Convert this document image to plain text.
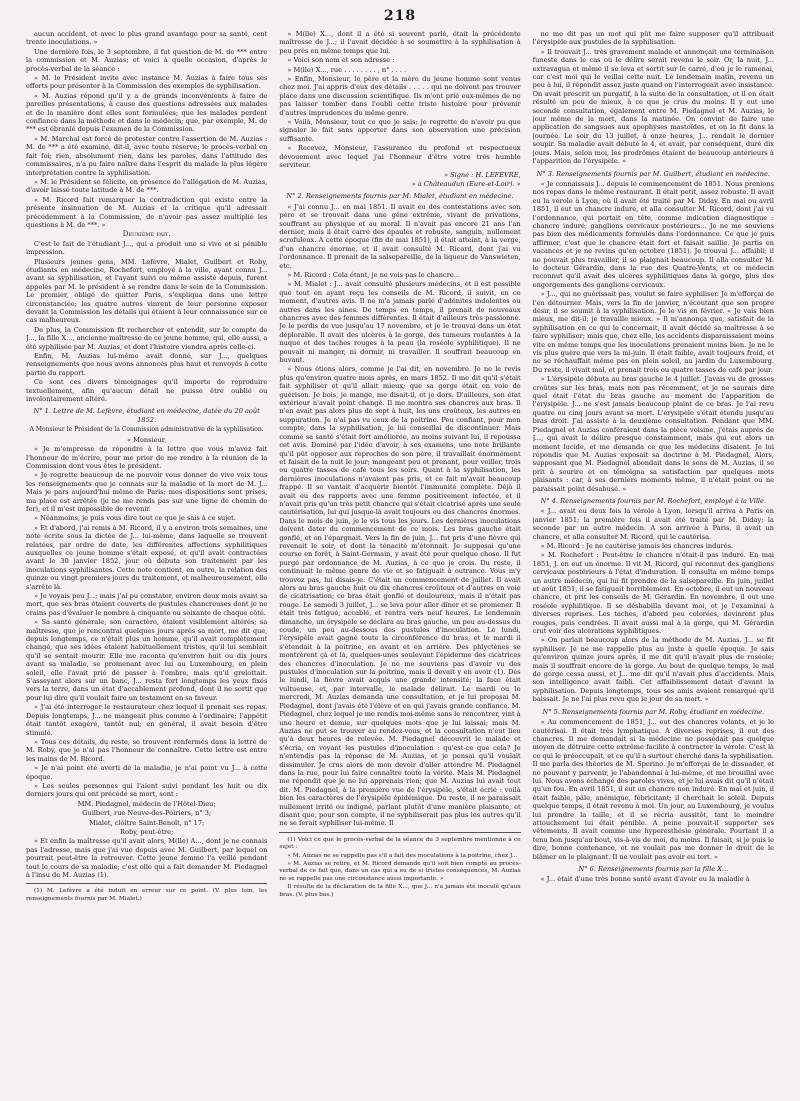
218

aucun accident, et avec le plus grand avantage pour sa santé, cent trente inoculations. »

Une dernière fois, le 3 septembre, il fut question de M. de *** entre la commission et M. Auzias; et voici à quelle occasion, d'après le procès-verbal de la séance :

« M. le Président invite avec instance M. Auzias à faire tous ses efforts pour présenter à la Commission des exemples de syphilisation.

« M. Auzias répond qu'il y a de grands inconvénients à faire de pareilles présentations, à cause des questions adressées aux malades et de la manière dont elles sont formulées; que les malades perdent confiance dans la méthode et dans le médecin; que, par exemple, M. de *** est ébranlé depuis l'examen de la Commission.

« M. Marchal est forcé de protester contre l'assertion de M. Auzias : M. de *** a été examiné, dit-il, avec toute réserve; le procès-verbal en fait foi; rien, absolument rien, dans les paroles, dans l'attitude des commissaires, n'a pu faire naître dans l'esprit du malade la plus légère interprétation contre la syphilisation.

« M. le Président se félicite, en présence de l'allégation de M. Auzias, d'avoir laissé toute latitude à M. de ***.

« M. Ricord fait remarquer la contradiction qui existe entre la présente insinuation de M. Auzias et la critique qu'il adressait précédemment à la Commission, de n'avoir pas assez multiplié les questions à M. de ***. »

Deuxième fait.

C'est le fait de l'étudiant J..., qui a produit une si vive et si pénible impression.

Plusieurs jeunes gens, MM. Lefèvre, Mialet, Guilbert et Roby, étudiants en médecine, Rochefort, employé à la ville, ayant connu J... avant sa syphilisation, et l'ayant suivi ou même assisté depuis, furent appelés par M. le président à se rendre dans le sein de la Commission. Le premier, obligé de quitter Paris, s'expliqua dans une lettre circonstanciée; les quatre autres vinrent de leur personne exposer devant la Commission les détails qui étaient à leur connaissance sur ce cas malheureux.

De plus, la Commission fit rechercher et entendit, sur le compte de J..., la fille X..., ancienne maîtresse de ce jeune homme, qui, elle aussi, a été syphilisée par M. Auzias, et dont l'histoire viendra après celle-ci.

Enfin, M. Auzias lui-même avait donné, sur J..., quelques renseignements que nous avons annoncés plus haut et renvoyés à cette partie du rapport.

Ce sont ces divers témoignages qu'il importe de reproduire textuellement, afin qu'aucun détail ne puisse être oublié ou involontairement altéré.

N° 1. Lettre de M. Lefèvre, étudiant en médecine, datée du 20 août 1852.

A Monsieur le Président de la Commission administrative de la syphilisation.

« Monsieur,

» Je m'empresse de répondre à la lettre que vous m'avez fait l'honneur de m'écrire, pour me prier de me rendre à la réunion de la Commission dont vous êtes le président.

» Je regrette beaucoup de ne pouvoir vous donner de vive voix tous les renseignements que je connais sur la maladie et la mort de M. J... Mais je pars aujourd'hui même de Paris; mes dispositions sont prises, ma place est arrêtée (je ne me rends pas sur une ligne de chemin de fer), et il m'est impossible de revenir.

» Néanmoins, je puis vous dire tout ce que je sais à ce sujet.

» Et d'abord, j'ai remis à M. Ricord, il y a environ trois semaines, une note écrite sous la dictée de J... lui-même, dans laquelle se trouvent relatées, par ordre de date, les différentes affections syphilitiques auxquelles ce jeune homme s'était exposé, et qu'il avait contractées avant le 30 janvier 1852, jour où débuta son traitement par les inoculations syphilisantes. Cette note contient, en outre, la relation des quinze ou vingt premiers jours du traitement, et malheureusement, elle s'arrête là.

» Je voyais peu J...; mais j'ai pu constater, environ deux mois avant sa mort, que ses bras étaient couverts de pustules chancreuses dont je ne crains pas d'évaluer le nombre à cinquante ou soixante de chaque côté.

» Sa santé générale, son caractère, étaient visiblement altérés; sa maîtresse, que je rencontrai quelques jours après sa mort, me dit que, depuis longtemps, ce n'était plus un homme, qu'il avait complètement changé, que ses idées étaient habituellement tristes, qu'il lui semblait qu'il se sentait mourir. Elle me raconta qu'environ huit ou dix jours avant sa maladie, se promenant avec lui au Luxembourg, en plein soleil, elle l'avait prié de passer à l'ombre, mais qu'il grelottait. S'asseyant alors sur un banc, J... resta fort longtemps les yeux fixés vers la terre, dans un état d'accablement profond, dont il ne sortit que pour lui dire qu'il voulait faire un testament en sa faveur.

» J'ai été interroger le restaurateur chez lequel il prenait ses repas. Depuis longtemps, J... ne mangeait plus comme à l'ordinaire; l'appétit était tantôt exagéré, tantôt nul; en général, il avait besoin d'être stimulé.

» Tous ces détails, du reste, se trouvent renfermés dans la lettre de M. Roby, que je n'ai pas l'honneur de connaître. Cette lettre est entre les mains de M. Ricord.

» Je n'ai point été averti de la maladie, je n'ai point vu J... à cette époque.

» Les seules personnes qui l'aient suivi pendant les huit ou dix derniers jours qui ont précédé sa mort, sont :

MM. Piedagnel, médecin de l'Hôtel-Dieu;

Guilbert, rue Neuve-des-Poiriers, n° 3;

Mialet, clôître Saint-Benoît, n° 17;

Roby, peut-être;

» Et enfin la maîtresse qu'il avait alors, M(lle) A..., dont je ne connais pas l'adresse, mais que j'ai vue depuis avec M. Guilbert, par lequel on pourrait peut-être la retrouver. Cette jeune femme l'a veillé pendant tout le cours de sa maladie; c'est elle qui a fait demander M. Piedagnel à l'insu de M. Auzias (1).

(1) M. Lefèvre a été induit en erreur sur ce point. (V. plus loin, les renseignements fournis par M. Mialet.)

» M(lle) X..., dont il a été si souvent parlé, était la précédente maîtresse de J...; il l'avait décidée à se soumettre à la syphilisation à peu près en même temps que lui.

» Voici son nom et son adresse :

» M(lle) X..., rue . . . . . . . . , n° . . . .

» Enfin, Monsieur, le père et la mère du jeune homme sont venus chez moi. J'ai appris d'eux des détails . . . . . qui ne doivent pas trouver place dans une discussion scientifique. Ils m'ont prié eux-mêmes de ne pas laisser tomber dans l'oubli cette triste histoire pour prévenir d'autres imprudences du même genre.

» Voilà, Monsieur, tout ce que je sais; je regrette de n'avoir pu que signaler le fait sans apporter dans son observation une précision suffisante.

» Recevez, Monsieur, l'assurance du profond et respectueux dévouement avec lequel j'ai l'honneur d'être votre très humble serviteur.

» Signé : H. LEFÈVRE,

» à Châteaudun (Eure-et-Loir). »

N° 2. Renseignements fournis par M. Mialet, étudiant en médecine.

« J'ai connu J... en mai 1851. Il avait eu des contestations avec son père et se trouvait dans une gêne extrême, vivant de privations, souffrant au physique et au moral. Il n'avait pas encore 21 ans l'an dernier, mais il était carré des épaules et robuste, sanguin, nullement scrofuleux. A cette époque (fin de mai 1851), il était atteint, à la verge, d'un chancre énorme, et il avait consulté M. Ricord, dont j'ai vu l'ordonnance. Il prenait de la salsepareille, de la liqueur de Vanswieten, etc.

» M. Ricord : Cela étant, je ne vois pas le chancre...

» M. Mialet : J... avait consulté plusieurs médecins, et il est possible que tout en ayant reçu les conseils de M. Ricord, il suivit, en ce moment, d'autres avis. Il ne m'a jamais parlé d'adénites indolentes ou autres dans les aines. De temps en temps, il prenait de nouveaux chancres avec des femmes différentes. Il était d'ailleurs très passionné. Je le perdis de vue jusqu'au 17 novembre, et je le trouvai dans un état déplorable. Il avait des ulcères à la gorge, des tumeurs roulantes à la nuque et des taches rouges à la peau (la roséole syphilitique). Il ne pouvait ni manger, ni dormir, ni travailler. Il souffrait beaucoup en buvant.

» Nous étions alors, comme je l'ai dit, en novembre. Je ne le revis plus qu'environ quatre mois après, en mars 1852. Il me dit qu'il s'était fait syphiliser et qu'il allait mieux; que sa gorge était en voie de guérison. Je bois, je mange, me disait-il, et je dors. D'ailleurs, son état extérieur n'avait point changé. Il me montra ses chancres aux bras. Il n'en avait pas alors plus de sept à huit, les uns croûteux, les autres en suppuration. Je n'ai pas vu ceux de la poitrine. Peu confiant, pour mon compte, dans la syphilisation, je lui conseillai de discontinuer. Mais comme sa santé s'était fort améliorée, au moins suivant lui, il repoussa cet avis. Dominé par l'idée d'avoir, à ses examens, une note brillante qu'il pût opposer aux reproches de son père, il travaillait énormément et faisait de la nuit le jour; mangeant peu et prenant, pour veiller, trois ou quatre tasses de café tous les soirs. Quant à la syphilisation, les dernières inoculations n'avaient pas pris, et ce fait m'avait beaucoup frappé. Il se vantait d'acquérir bientôt l'immunité complète. Déjà il avait eu des rapports avec une femme positivement infectée, et il n'avait pris qu'un très petit chancre qui s'était cicatrisé après une seule cautérisation, lui qui jusque-là avait toujours eu des chancres énormes. Dans le mois de juin, je le vis tous les jours. Les dernières inoculations doivent dater du commencement de ce mois. Les bras gauche était gonflé, et on l'épargnait. Vers la fin de juin, J... fut pris d'une fièvre qui revenait le soir, et dont la ténacité m'étonnait. Je supposai qu'une course en forêt, à Saint-Germain, y avait été pour quelque chose. Il fut purgé par ordonnance de M. Auzias, à ce que je crois. Du reste, il continuait le même genre de vie et se fatiguait à outrance. Vous m'y trouvez pas, lui disais-je. C'était un commencement de juillet. Il avait alors au bras gauche huit ou dix chancres croûteux et d'autres en voie de cicatrisation; ce bras était gonflé et douloureux, mais il n'était pas rouge. Le samedi 3 juillet, J... se leva pour aller dîner et se promener. Il était très fatigué, accablé, et rentra vers neuf heures. Le lendemain dimanche, un érysipèle se déclara au bras gauche, un peu au-dessus du coude, un peu au-dessous des pustules d'inoculation. Le lundi, l'érysipèle avait gagné toute la circonférence du bras, et le mardi il s'étendait à la poitrine, en avant et en arrière. Des phlyctènes se montrèrent çà et là, quelques-unes soulevant l'épiderme des cicatrices des chancres d'inoculation. Je ne me souviens pas d'avoir vu des pustules d'inoculation sur la poitrine, mais il devait y en avoir (1). Dès le lundi, la fièvre avait acquis une grande intensité; la face était vultueuse, et, par intervalle, le malade délirait. Le mardi ou le mercredi, M. Auzias demanda une consultation, et je lui proposai M. Piedagnel, dont j'avais été l'élève et en qui j'avais grande confiance. M. Piedagnel, chez lequel je me rendis moi-même sans le rencontrer, vint à une heure et demie, sur quelques mots que je lui laissai; mais M. Auzias ne put se trouver au rendez-vous, et la consultation n'eut lieu qu'à deux heures de relevée. M. Piedagnel découvrit le malade et s'écria, en voyant les pustules d'inoculation : qu'est-ce que cela? Je n'entendis pas la réponse de M. Auzias, et je pensai qu'il voulait dissimuler. Je crus alors de mon devoir d'aller attendre M. Piedagnel dans la rue, pour lui faire connaître toute la vérité. Mais M. Piedagnel me répondit que je ne lui apprenais rien; que M. Auzias lui avait tout dit. M. Piedagnel, à la première vue de l'érysipèle, s'était écrié : voilà bien les caractères de l'érysipèle épidémique. Du reste, il ne paraissait nullement irrité ou indigné, parlant plutôt d'une manière plaisante, et disant que, pour son compte, il ne syphiliserait pas plus les autres qu'il ne se ferait syphiliser lui-même. Il

(1) Voici ce que le procès-verbal de la séance du 3 septembre mentionne à ce sujet :

« M. Auzias ne se rappelle pas s'il a fait des inoculations à la poitrine, chez J...

» M. Auzias se retire, et M. Ricord demande qu'il soit bien compté au procès-verbal de ce fait que, dans un cas qui a eu de si tristes conséquences, M. Auzias ne se rappelle pas une circonstance aussi importante. »

Il résulte de la déclaration de la fille X..., que J... n'a jamais été inoculé qu'aux bras. (V. plus bas.)

ne me dit pas un mot qui pût me faire supposer qu'il attribuait l'érysipèle aux pustules de la syphilisation.

» Il trouvait J... très gravement malade et annonçait une terminaison funeste dans le cas où le délire serait revenu le soir. Or, la nuit, J... extravagua et même il se leva et sortit sur le carré, d'où je le ramenai, car c'est moi qui le veillai cette nuit. Le lendemain matin, revenu un peu à lui, il répondit assez juste quand on l'interrogeait avec insistance. On avait prescrit un purgatif, à la suite de la consultation, et il en était résulté un peu de mieux, à ce que je crus du moins. Il y eut une seconde consultation, également entre M. Piedagnel et M. Auzias, le jour même de la mort, dans la matinée. On convint de faire une application de sangsues aux apophyses mastoïdes, et on la fit dans la journée. Le soir du 13 juillet, à onze heures, J... rendait le dernier soupir. Sa maladie avait débuté le 4, et avait, par conséquent, duré dix jours. Mais, selon moi, les prodrômes étaient de beaucoup antérieurs à l'apparition de l'érysipèle. »

N° 3. Renseignements fournis par M. Guilbert, étudiant en médecine.

« Je connaissais J... depuis le commencement de 1851. Nous prenions nos repas dans le même restaurant. Il était petit, assez robuste. Il avait eu la vérole à Lyon, où il avait été traité par M. Diday. En mai ou avril 1851, il eut un chancre induré, et alla consulter M. Ricord, dont j'ai vu l'ordonnance, qui portait en tête, comme indication diagnostique : chancre induré; ganglions cervicaux postérieurs... Je ne me souviens pas bien des médicaments formulés dans l'ordonnance. Ce que je puis affirmer, c'est que le chancre était fort et faisait saillie. Je partis en vacances et je ne revins qu'en octobre (1851). Je trouvai J... affaibli; il ne pouvait plus travailler, il se plaignait beaucoup. Il alla consulter M. le docteur Gérardin, dans la rue des Quatre-Vents, et ce médecin reconnut qu'il avait des ulcères syphilitiques dans la gorge, plus des engorgements des ganglions cervicaux.

» J..., qui ne guérissait pas, voulut se faire syphiliser. Je m'efforçai de l'en détourner. Mais, vers la fin de janvier, n'écoutant que son propre désir, il se soumit à la syphilisation. Je le vis en février. « Je vais bien mieux, me dit-il; je travaille mieux. » Il m'annonça que, satisfait de la syphilisation en ce qui le concernait, il avait décidé sa maîtresse à se faire syphiliser; mais que, chez elle, les accidents disparaissaient moins vite en même temps que les inoculations prenaient moins bien. Je ne le vis plus guère que vers la mi-juin. Il était faible, avait toujours froid, et ne se réchauffait même pas en plein soleil, au jardin du Luxembourg. Du reste, il vivait mal, et prenait trois ou quatre tasses de café par jour.

» L'érysipèle débuta au bras gauche le 4 juillet. J'avais vu de grosses croûtes sur les bras, mais non pas récemment, et je ne saurais dire quel était l'état du bras gauche au moment de l'apparition de l'érysipèle. J... ne s'est jamais beaucoup plaint de ce bras. Je l'ai revu quatre ou cinq jours avant sa mort. L'érysipèle s'était étendu jusqu'au bras droit. J'ai assisté à la deuxième consultation. Pendant que MM. Piedagnel et Auzias conféraient dans la pièce voisine, j'étais auprès de J..., qui avait le délire presque constamment, mais qui eut alors un moment lucide, et me demanda ce que les médecins disaient. Je lui répondis que M. Auzias exposait sa doctrine à M. Piedagnel. Alors, supposant que M. Piedagnel abondait dans le sens de M. Auzias, il se prit à sourire et en témoigna sa satisfaction par quelques mots plaisants : car, à ses derniers moments même, il n'était point ou ne paraissait point désabusé. »

N° 4. Renseignements fournis par M. Rochefort, employé à la Ville.

« J... avait eu deux fois la vérole à Lyon, lorsqu'il arriva à Paris en janvier 1851; la première fois il avait été traité par M. Diday; la seconde par un autre médecin. A son arrivée à Paris, il avait un chancre, et alla consulter M. Ricord, qui le cautérisa.

» M. Ricord : Je ne cautérise jamais les chancres indurés.

» M. Rochefort : Peut-être le chancre n'était-il pas induré. En mai 1851, J. en eut un énorme. Il vit M. Ricord, qui reconnut des ganglions cervicaux postérieurs à l'état d'induration. Il consulta en même temps un autre médecin, qui lui fit prendre de la salsepareille. En juin, juillet et août 1851, il se fatiguait horriblement. En octobre, il eut un nouveau chancre, et prit les conseils de M. Gérardin. En novembre, il eut une roséole syphilitique. Il se déshabilla devant moi, et je l'examinai à diverses reprises. Les taches, d'abord peu colorées, devinrent plus rouges, puis cendrées. Il avait aussi mal à la gorge, qui M. Gérardin crut voir des ulcérations syphilitiques.

» On parlait beaucoup alors de la méthode de M. Auzias. J... se fit syphiliser. Je ne me rappelle plus au juste à quelle époque. Je sais qu'environ quinze jours après, il me dit qu'il n'avait plus de roséole; mais il souffrait encore de la gorge. Au bout de quelque temps, le mal de gorge cessa aussi, et J... me dit qu'il n'avait plus d'accidents. Mais son intelligence avait faibli. Cet affaiblissement datait d'avant la syphilisation. Depuis longtemps, tous ses amis avaient remarqué qu'il baissait. Je ne l'ai plus revu que le jour de sa mort. »

N° 5. Renseignements fournis par M. Roby, étudiant en médecine.

« Au commencement de 1851, J... eut des chancres volants, et je le cautérisai. Il était très lymphatique. À diverses reprises, il eut des chancres. Il me demandait si la médecine ne possédait pas quelque moyen de détruire cette extrême facilité à contracter la vérole. C'est là ce qui le préoccupait, et ce qu'il a surtout cherché dans la syphilisation. Il me parla des théories de M. Sperino. Je m'efforçai de le dissuader, et ne pouvant y parvenir, je l'abandonnai à lui-même, et me brouillai avec lui. Nous avons échangé des paroles vives, et je lui avais dit qu'il n'était qu'un fou. En avril 1851, il eut un chancre non induré. En mai et juin, il était faible, pâle, anémique, fébricitant; il cherchait le soleil. Depuis quelque temps, il était revenu à moi. Un jour, au Luxembourg, je voulus lui prendre la taille, et il se récria aussitôt, tant le moindre attouchement lui était pénible. A peine pouvait-il supporter ses vêtements. Il avait comme une hyperesthésie générale. Pourtant il a tenu bon jusqu'au bout, vis-à-vis de moi, du moins. Il faisait, si je puis le dire, bonne contenance, et ne voulait pas me donner le droit de le blâmer en le plaignant. Il ne voulait pas avoir eu tort. »

N° 6. Renseignements fournis par la fille X...

« J... était d'une très bonne santé avant d'avoir eu la maladie à
